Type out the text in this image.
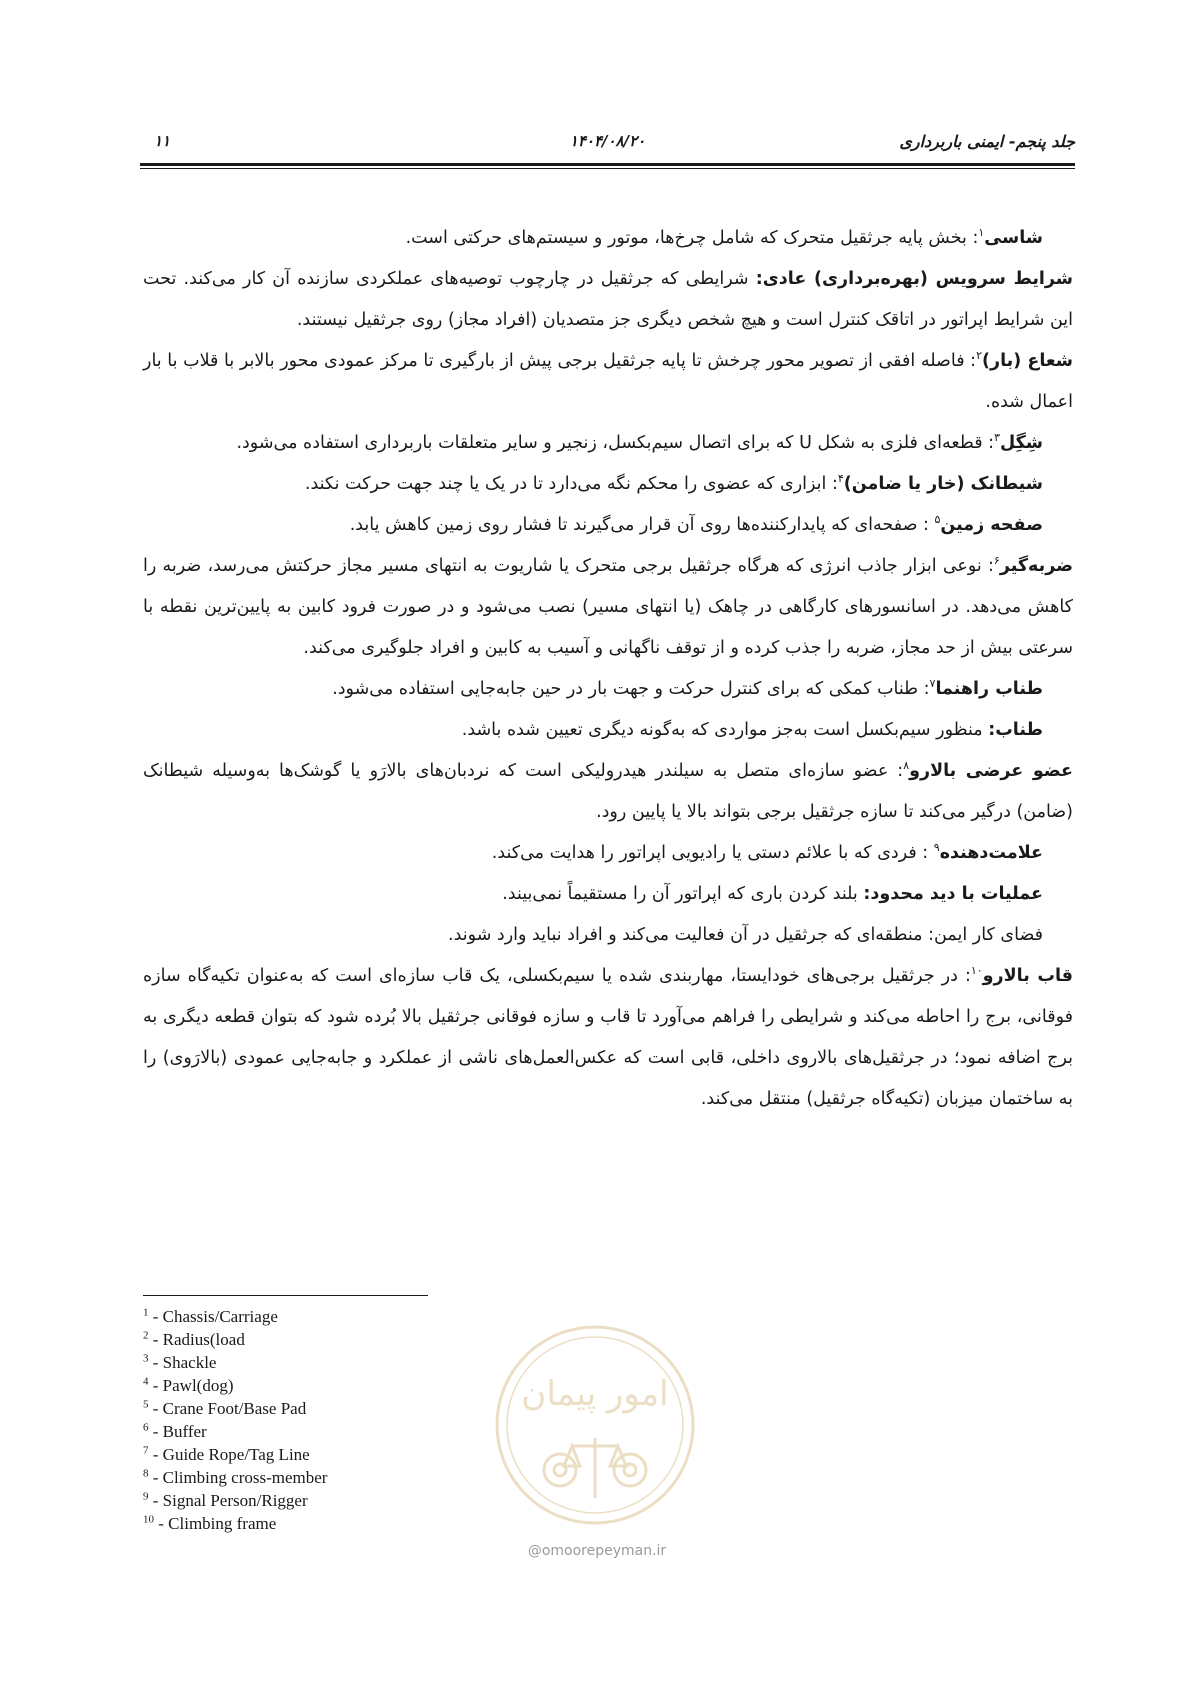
جلد پنجم- ایمنی باربرداری
۱۴۰۴/۰۸/۲۰
۱۱

شاسی$^۱$: بخش پایه جرثقیل متحرک که شامل چرخ‌ها، موتور و سیستم‌های حرکتی است.

شرایط سرویس (بهره‌برداری) عادی: شرایطی که جرثقیل در چارچوب توصیه‌های عملکردی سازنده آن کار می‌کند. تحت این شرایط اپراتور در اتاقک کنترل است و هیچ شخص دیگری جز متصدیان (افراد مجاز) روی جرثقیل نیستند.

شعاع (بار)$^۲$: فاصله افقی از تصویر محور چرخش تا پایه جرثقیل برجی پیش از بارگیری تا مرکز عمودی محور بالابر با قلاب با بار اعمال شده.

شِگِل$^۳$: قطعه‌ای فلزی به شکل U که برای اتصال سیم‌بکسل، زنجیر و سایر متعلقات باربرداری استفاده می‌شود.

شیطانک (خار یا ضامن)$^۴$: ابزاری که عضوی را محکم نگه می‌دارد تا در یک یا چند جهت حرکت نکند.

صفحه زمین$^۵$ : صفحه‌ای که پایدارکننده‌ها روی آن قرار می‌گیرند تا فشار روی زمین کاهش یابد.

ضربه‌گیر$^۶$: نوعی ابزار جاذب انرژی که هرگاه جرثقیل برجی متحرک یا شاریوت به انتهای مسیر مجاز حرکتش می‌رسد، ضربه را کاهش می‌دهد. در اسانسورهای کارگاهی در چاهک (یا انتهای مسیر) نصب می‌شود و در صورت فرود کابین به پایین‌ترین نقطه با سرعتی بیش از حد مجاز، ضربه را جذب کرده و از توقف ناگهانی و آسیب به کابین و افراد جلوگیری می‌کند.

طناب راهنما$^۷$: طناب کمکی که برای کنترل حرکت و جهت بار در حین جابه‌جایی استفاده می‌شود.

طناب: منظور سیم‌بکسل است به‌جز مواردی که به‌گونه دیگری تعیین شده باشد.

عضو عرضی بالارو$^۸$: عضو سازه‌ای متصل به سیلندر هیدرولیکی است که نردبان‌های بالارَو یا گوشک‌ها به‌وسیله شیطانک (ضامن) درگیر می‌کند تا سازه جرثقیل برجی بتواند بالا یا پایین رود.

علامت‌دهنده$^۹$ : فردی که با علائم دستی یا رادیویی اپراتور را هدایت می‌کند.

عملیات با دید محدود: بلند کردن باری که اپراتور آن را مستقیماً نمی‌بیند.

فضای کار ایمن: منطقه‌ای که جرثقیل در آن فعالیت می‌کند و افراد نباید وارد شوند.

قاب بالارو$^{۱۰}$: در جرثقیل برجی‌های خودایستا، مهاربندی شده یا سیم‌بکسلی، یک قاب سازه‌ای است که به‌عنوان تکیه‌گاه سازه فوقانی، برج را احاطه می‌کند و شرایطی را فراهم می‌آورد تا قاب و سازه فوقانی جرثقیل بالا بُرده شود که بتوان قطعه دیگری به برج اضافه نمود؛ در جرثقیل‌های بالاروی داخلی، قابی است که عکس‌العمل‌های ناشی از عملکرد و جابه‌جایی عمودی (بالارَوی) را به ساختمان میزبان (تکیه‌گاه جرثقیل) منتقل می‌کند.

$^1$ - Chassis/Carriage

$^2$ - Radius(load

$^3$ - Shackle

$^4$ - Pawl(dog)

$^5$ - Crane Foot/Base Pad

$^6$ - Buffer

$^7$ - Guide Rope/Tag Line

$^8$ - Climbing cross-member

$^9$ - Signal Person/Rigger

$^{10}$ - Climbing frame

امور پیمان
@omoorepeyman.ir
